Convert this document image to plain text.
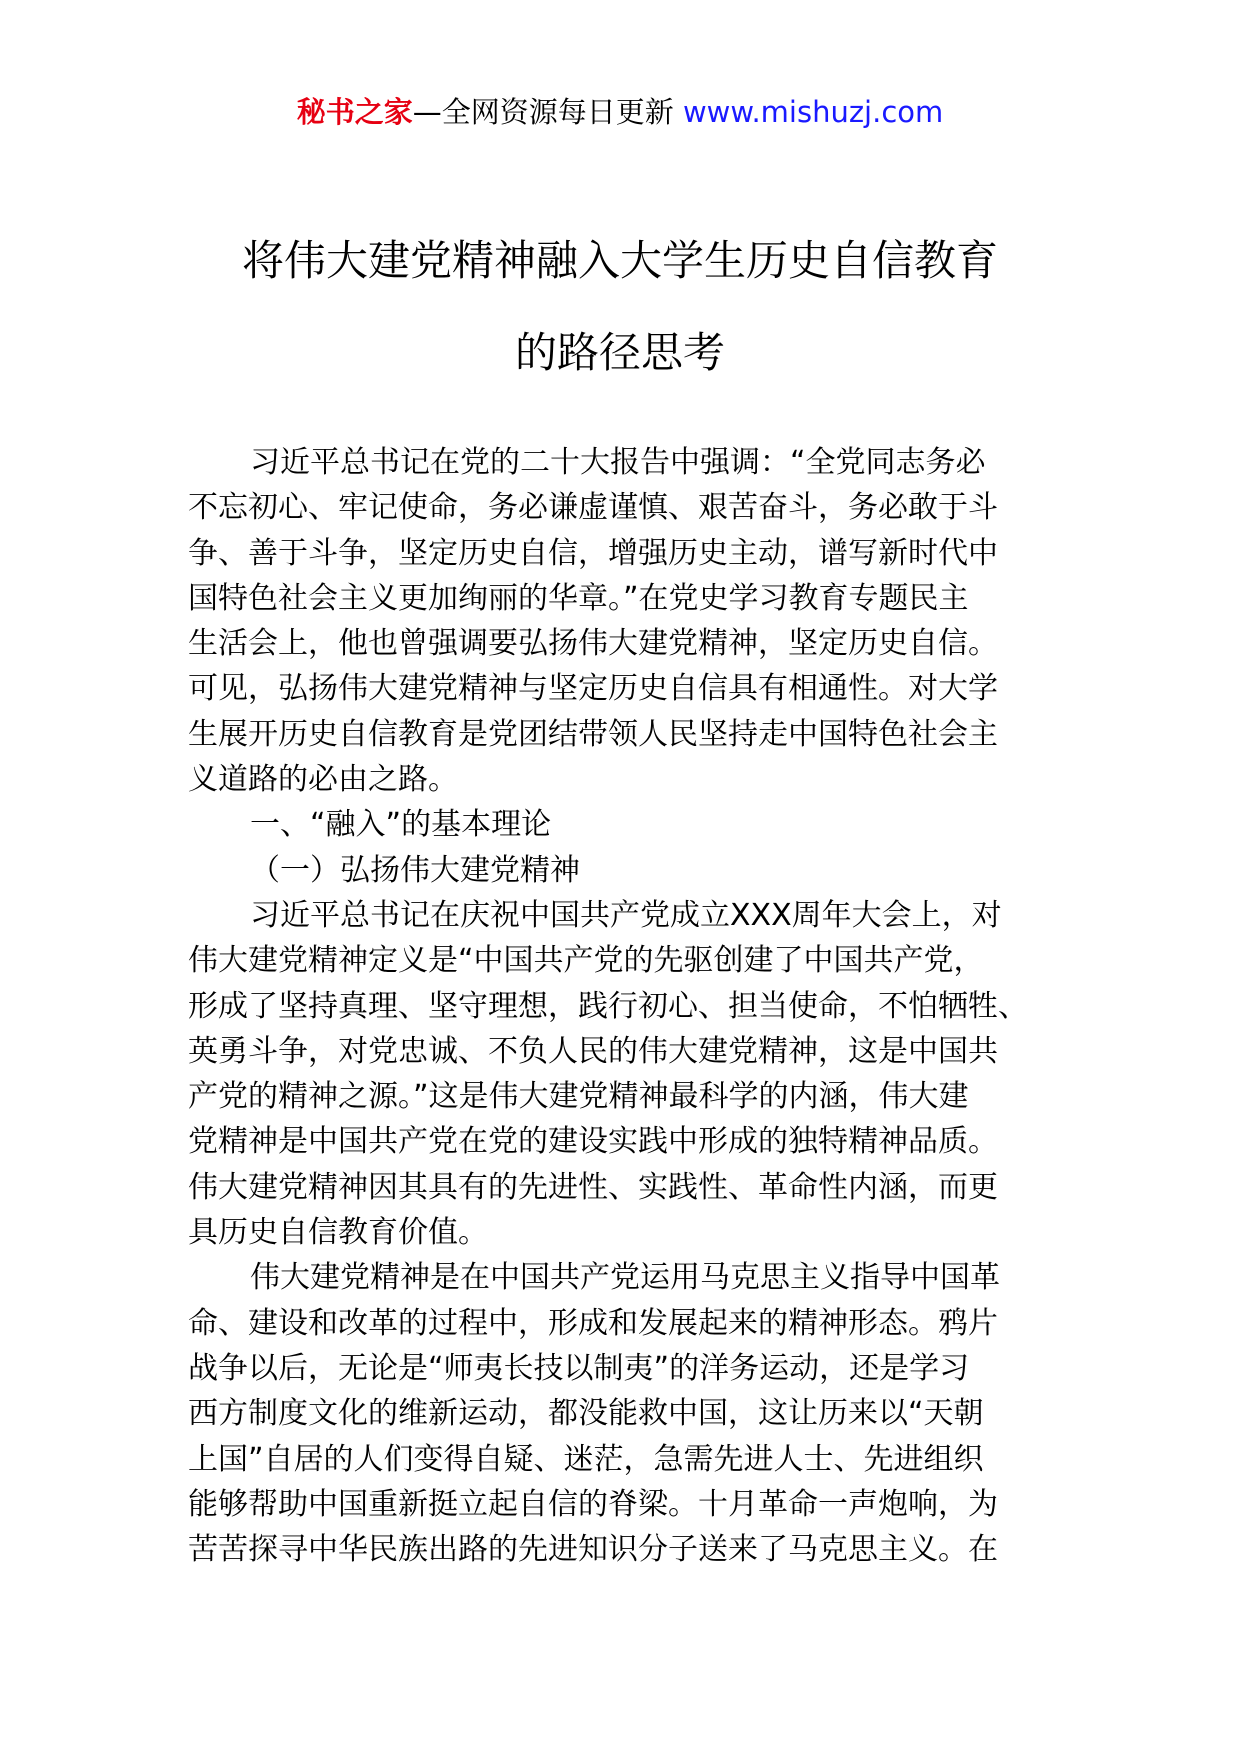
秘书之家—全网资源每日更新 www.mishuzj.com
将伟大建党精神融入大学生历史自信教育
的路径思考
习近平总书记在党的二十大报告中强调：“全党同志务必
不忘初心、牢记使命，务必谦虚谨慎、艰苦奋斗，务必敢于斗
争、善于斗争，坚定历史自信，增强历史主动，谱写新时代中
国特色社会主义更加绚丽的华章。”在党史学习教育专题民主
生活会上，他也曾强调要弘扬伟大建党精神，坚定历史自信。
可见，弘扬伟大建党精神与坚定历史自信具有相通性。对大学
生展开历史自信教育是党团结带领人民坚持走中国特色社会主
义道路的必由之路。
一、“融入”的基本理论
（一）弘扬伟大建党精神
习近平总书记在庆祝中国共产党成立XXX周年大会上，对
伟大建党精神定义是“中国共产党的先驱创建了中国共产党，
形成了坚持真理、坚守理想，践行初心、担当使命，不怕牺牲、
英勇斗争，对党忠诚、不负人民的伟大建党精神，这是中国共
产党的精神之源。”这是伟大建党精神最科学的内涵，伟大建
党精神是中国共产党在党的建设实践中形成的独特精神品质。
伟大建党精神因其具有的先进性、实践性、革命性内涵，而更
具历史自信教育价值。
伟大建党精神是在中国共产党运用马克思主义指导中国革
命、建设和改革的过程中，形成和发展起来的精神形态。鸦片
战争以后，无论是“师夷长技以制夷”的洋务运动，还是学习
西方制度文化的维新运动，都没能救中国，这让历来以“天朝
上国”自居的人们变得自疑、迷茫，急需先进人士、先进组织
能够帮助中国重新挺立起自信的脊梁。十月革命一声炮响，为
苦苦探寻中华民族出路的先进知识分子送来了马克思主义。在
